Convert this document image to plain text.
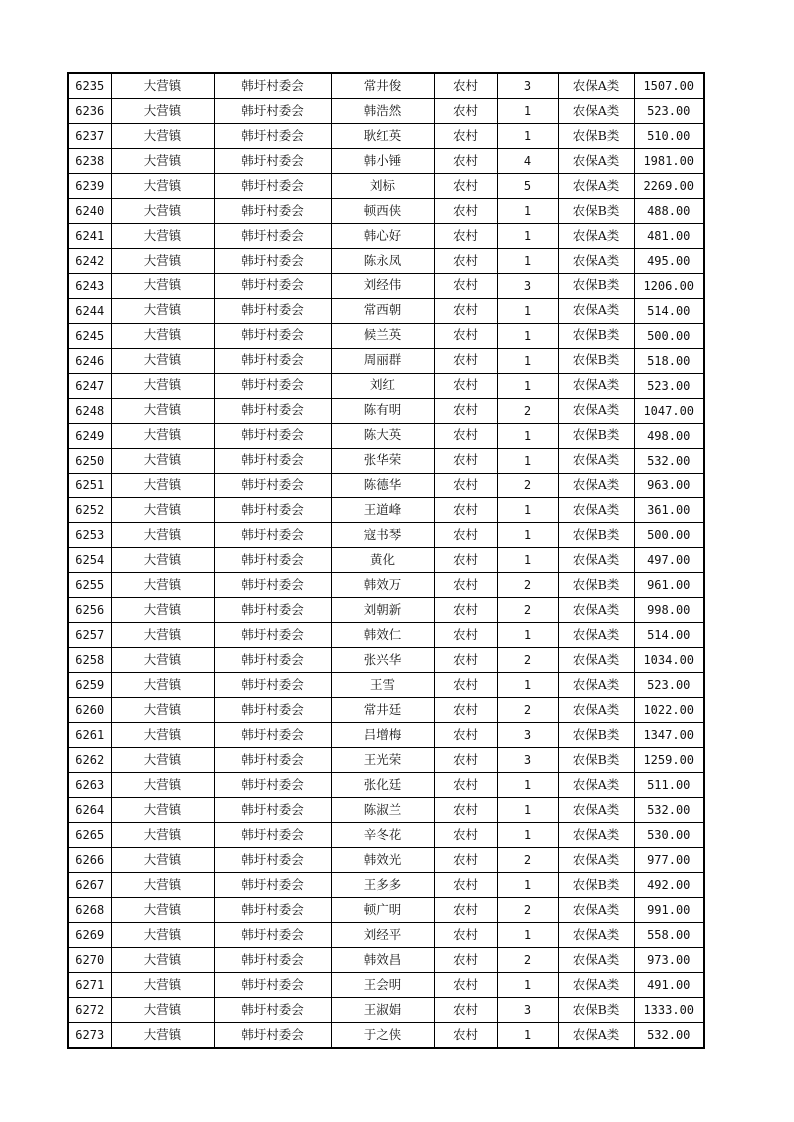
6235	大营镇	韩圩村委会	常井俊	农村	3	农保A类	1507.00
6236	大营镇	韩圩村委会	韩浩然	农村	1	农保A类	523.00
6237	大营镇	韩圩村委会	耿红英	农村	1	农保B类	510.00
6238	大营镇	韩圩村委会	韩小锤	农村	4	农保A类	1981.00
6239	大营镇	韩圩村委会	刘标	农村	5	农保A类	2269.00
6240	大营镇	韩圩村委会	顿西侠	农村	1	农保B类	488.00
6241	大营镇	韩圩村委会	韩心好	农村	1	农保A类	481.00
6242	大营镇	韩圩村委会	陈永凤	农村	1	农保A类	495.00
6243	大营镇	韩圩村委会	刘经伟	农村	3	农保B类	1206.00
6244	大营镇	韩圩村委会	常西朝	农村	1	农保A类	514.00
6245	大营镇	韩圩村委会	候兰英	农村	1	农保B类	500.00
6246	大营镇	韩圩村委会	周丽群	农村	1	农保B类	518.00
6247	大营镇	韩圩村委会	刘红	农村	1	农保A类	523.00
6248	大营镇	韩圩村委会	陈有明	农村	2	农保A类	1047.00
6249	大营镇	韩圩村委会	陈大英	农村	1	农保B类	498.00
6250	大营镇	韩圩村委会	张华荣	农村	1	农保A类	532.00
6251	大营镇	韩圩村委会	陈德华	农村	2	农保A类	963.00
6252	大营镇	韩圩村委会	王道峰	农村	1	农保A类	361.00
6253	大营镇	韩圩村委会	寇书琴	农村	1	农保B类	500.00
6254	大营镇	韩圩村委会	黄化	农村	1	农保A类	497.00
6255	大营镇	韩圩村委会	韩效万	农村	2	农保B类	961.00
6256	大营镇	韩圩村委会	刘朝新	农村	2	农保A类	998.00
6257	大营镇	韩圩村委会	韩效仁	农村	1	农保A类	514.00
6258	大营镇	韩圩村委会	张兴华	农村	2	农保A类	1034.00
6259	大营镇	韩圩村委会	王雪	农村	1	农保A类	523.00
6260	大营镇	韩圩村委会	常井廷	农村	2	农保A类	1022.00
6261	大营镇	韩圩村委会	吕增梅	农村	3	农保B类	1347.00
6262	大营镇	韩圩村委会	王光荣	农村	3	农保B类	1259.00
6263	大营镇	韩圩村委会	张化廷	农村	1	农保A类	511.00
6264	大营镇	韩圩村委会	陈淑兰	农村	1	农保A类	532.00
6265	大营镇	韩圩村委会	辛冬花	农村	1	农保A类	530.00
6266	大营镇	韩圩村委会	韩效光	农村	2	农保A类	977.00
6267	大营镇	韩圩村委会	王多多	农村	1	农保B类	492.00
6268	大营镇	韩圩村委会	顿广明	农村	2	农保A类	991.00
6269	大营镇	韩圩村委会	刘经平	农村	1	农保A类	558.00
6270	大营镇	韩圩村委会	韩效昌	农村	2	农保A类	973.00
6271	大营镇	韩圩村委会	王会明	农村	1	农保A类	491.00
6272	大营镇	韩圩村委会	王淑娟	农村	3	农保B类	1333.00
6273	大营镇	韩圩村委会	于之侠	农村	1	农保A类	532.00
